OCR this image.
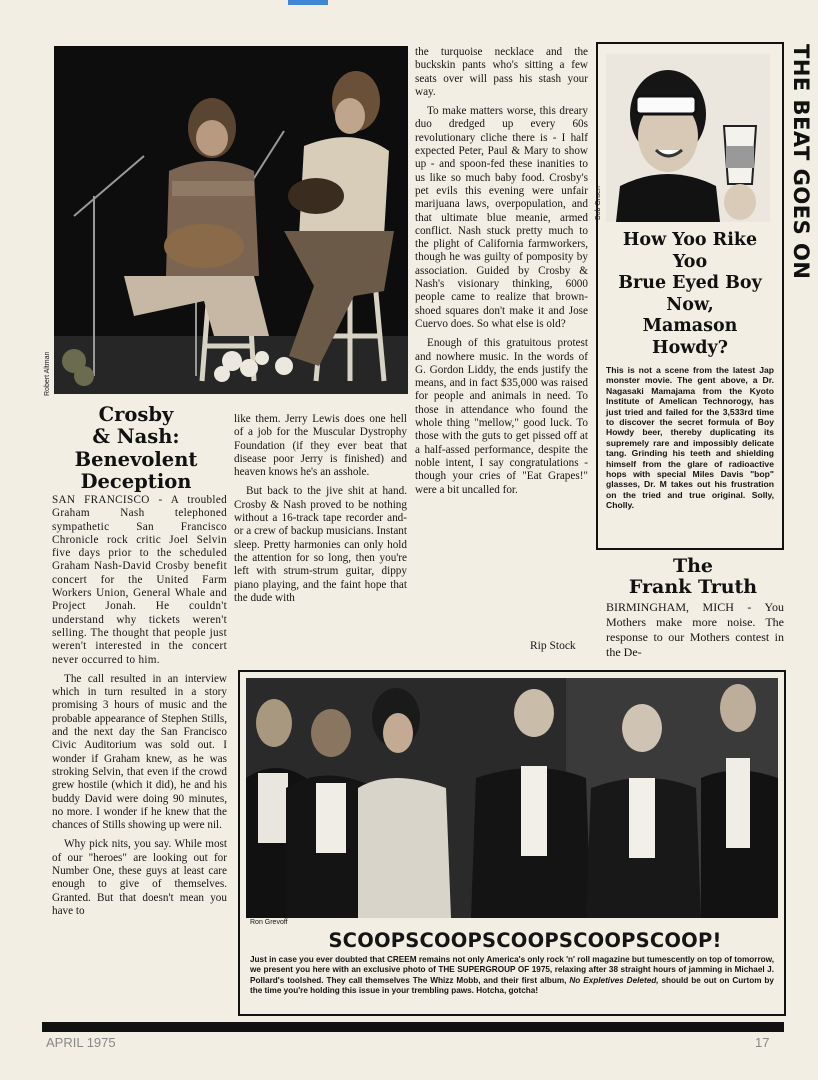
Robert Altman
Crosby
& Nash:
Benevolent
Deception

SAN FRANCISCO - A troubled Graham Nash telephoned sympathetic San Francisco Chronicle rock critic Joel Selvin five days prior to the scheduled Graham Nash-David Crosby benefit concert for the United Farm Workers Union, General Whale and Project Jonah. He couldn't understand why tickets weren't selling. The thought that people just weren't interested in the concert never occurred to him.

The call resulted in an interview which in turn resulted in a story promising 3 hours of music and the probable appearance of Stephen Stills, and the next day the San Francisco Civic Auditorium was sold out. I wonder if Graham knew, as he was stroking Selvin, that even if the crowd grew hostile (which it did), he and his buddy David were doing 90 minutes, no more. I wonder if he knew that the chances of Stills showing up were nil.

Why pick nits, you say. While most of our "heroes" are looking out for Number One, these guys at least care enough to give of themselves. Granted. But that doesn't mean you have to

like them. Jerry Lewis does one hell of a job for the Muscular Dystrophy Foundation (if they ever beat that disease poor Jerry is finished) and heaven knows he's an asshole.

But back to the jive shit at hand. Crosby & Nash proved to be nothing without a 16-track tape recorder and-or a crew of backup musicians. Instant sleep. Pretty harmonies can only hold the attention for so long, then you're left with strum-strum guitar, dippy piano playing, and the faint hope that the dude with

the turquoise necklace and the buckskin pants who's sitting a few seats over will pass his stash your way.

To make matters worse, this dreary duo dredged up every 60s revolutionary cliche there is - I half expected Peter, Paul & Mary to show up - and spoon-fed these inanities to us like so much baby food. Crosby's pet evils this evening were unfair marijuana laws, overpopulation, and that ultimate blue meanie, armed conflict. Nash stuck pretty much to the plight of California farmworkers, though he was guilty of pomposity by association. Guided by Crosby & Nash's visionary thinking, 6000 people came to realize that brown-shoed squares don't make it and Jose Cuervo does. So what else is old?

Enough of this gratuitous protest and nowhere music. In the words of G. Gordon Liddy, the ends justify the means, and in fact $35,000 was raised for people and animals in need. To those in attendance who found the whole thing "mellow," good luck. To those with the guts to get pissed off at a half-assed performance, despite the noble intent, I say congratulations - though your cries of "Eat Grapes!" were a bit uncalled for.

Rip Stock
Bob Gruen
How Yoo Rike
Yoo
Brue Eyed Boy
Now,
Mamason
Howdy?
This is not a scene from the latest Jap monster movie. The gent above, a Dr. Nagasaki Mamajama from the Kyoto Institute of Amelican Technorogy, has just tried and failed for the 3,533rd time to discover the secret formula of Boy Howdy beer, thereby duplicating its supremely rare and impossibly delicate tang. Grinding his teeth and shielding himself from the glare of radioactive hops with special Miles Davis "bop" glasses, Dr. M takes out his frustration on the tried and true original. Solly, Cholly.
THE BEAT GOES ON
The
Frank Truth
BIRMINGHAM, MICH - You Mothers make more noise. The response to our Mothers contest in the De-
Ron Grevoff
SCOOPSCOOPSCOOPSCOOPSCOOP!
Just in case you ever doubted that CREEM remains not only America's only rock 'n' roll magazine but tumescently on top of tomorrow, we present you here with an exclusive photo of THE SUPERGROUP OF 1975, relaxing after 38 straight hours of jamming in Michael J. Pollard's toolshed. They call themselves The Whizz Mobb, and their first album, No Expletives Deleted, should be out on Curtom by the time you're holding this issue in your trembling paws. Hotcha, gotcha!
APRIL 1975	17
